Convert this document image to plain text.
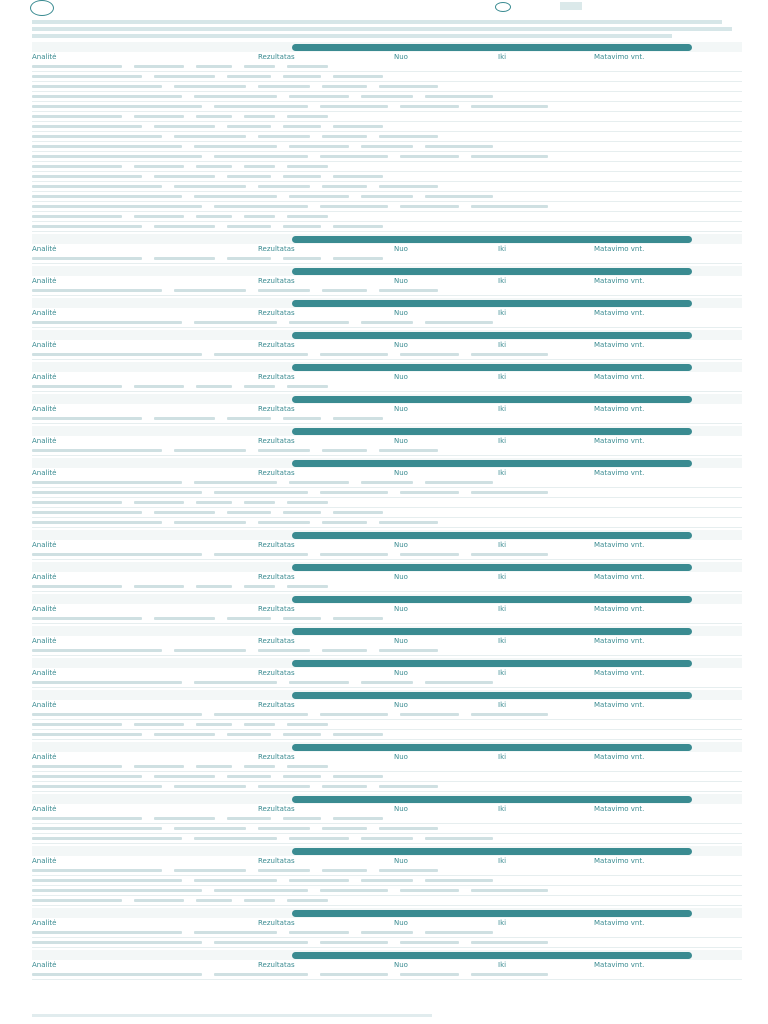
Analitė	Rezultatas	Nuo	Iki	Matavimo vnt.
Analitė	Rezultatas	Nuo	Iki	Matavimo vnt.
Analitė	Rezultatas	Nuo	Iki	Matavimo vnt.
Analitė	Rezultatas	Nuo	Iki	Matavimo vnt.
Analitė	Rezultatas	Nuo	Iki	Matavimo vnt.
Analitė	Rezultatas	Nuo	Iki	Matavimo vnt.
Analitė	Rezultatas	Nuo	Iki	Matavimo vnt.
Analitė	Rezultatas	Nuo	Iki	Matavimo vnt.
Analitė	Rezultatas	Nuo	Iki	Matavimo vnt.
Analitė	Rezultatas	Nuo	Iki	Matavimo vnt.
Analitė	Rezultatas	Nuo	Iki	Matavimo vnt.
Analitė	Rezultatas	Nuo	Iki	Matavimo vnt.
Analitė	Rezultatas	Nuo	Iki	Matavimo vnt.
Analitė	Rezultatas	Nuo	Iki	Matavimo vnt.
Analitė	Rezultatas	Nuo	Iki	Matavimo vnt.
Analitė	Rezultatas	Nuo	Iki	Matavimo vnt.
Analitė	Rezultatas	Nuo	Iki	Matavimo vnt.
Analitė	Rezultatas	Nuo	Iki	Matavimo vnt.
Analitė	Rezultatas	Nuo	Iki	Matavimo vnt.
Analitė	Rezultatas	Nuo	Iki	Matavimo vnt.
